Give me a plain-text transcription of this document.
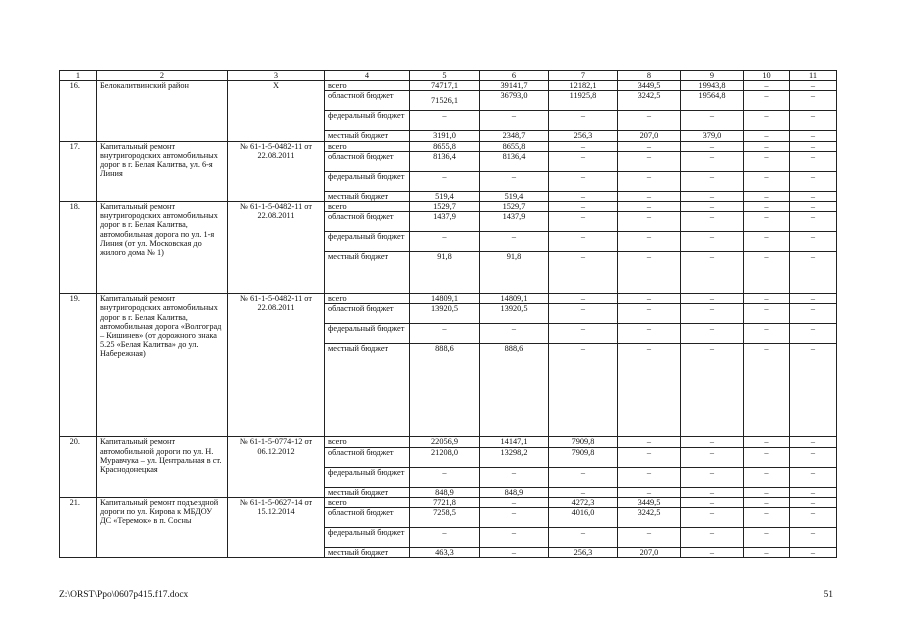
1	2	3	4	5	6	7	8	9	10	11
16.	Белокалитвинский район	Х	всего	74717,1	39141,7	12182,1	3449,5	19943,8	–	–
			областной бюджет	71526,1	36793,0	11925,8	3242,5	19564,8	–	–
			федеральный бюджет	–	–	–	–	–	–	–
			местный бюджет	3191,0	2348,7	256,3	207,0	379,0	–	–
17.	Капитальный ремонт внутригородских автомобильных дорог в г. Белая Калитва, ул. 6-я Линия	№ 61-1-5-0482-11 от 22.08.2011	всего	8655,8	8655,8	–	–	–	–	–
			областной бюджет	8136,4	8136,4	–	–	–	–	–
			федеральный бюджет	–	–	–	–	–	–	–
			местный бюджет	519,4	519,4	–	–	–	–	–
18.	Капитальный ремонт внутригородских автомобильных дорог в г. Белая Калитва, автомобильная дорога по ул. 1-я Линия (от ул. Московская до жилого дома № 1)	№ 61-1-5-0482-11 от 22.08.2011	всего	1529,7	1529,7	–	–	–	–	–
			областной бюджет	1437,9	1437,9	–	–	–	–	–
			федеральный бюджет	–	–	–	–	–	–	–
			местный бюджет	91,8	91,8	–	–	–	–	–
19.	Капитальный ремонт внутригородских автомобильных дорог в г. Белая Калитва, автомобильная дорога «Волгоград – Кишинев» (от дорожного знака 5.25 «Белая Калитва» до ул. Набережная)	№ 61-1-5-0482-11 от 22.08.2011	всего	14809,1	14809,1	–	–	–	–	–
			областной бюджет	13920,5	13920,5	–	–	–	–	–
			федеральный бюджет	–	–	–	–	–	–	–
			местный бюджет	888,6	888,6	–	–	–	–	–
20.	Капитальный ремонт автомобильной дороги по ул. Н. Муравчука – ул. Центральная в ст. Краснодонецкая	№ 61-1-5-0774-12 от 06.12.2012	всего	22056,9	14147,1	7909,8	–	–	–	–
			областной бюджет	21208,0	13298,2	7909,8	–	–	–	–
			федеральный бюджет	–	–	–	–	–	–	–
			местный бюджет	848,9	848,9	–	–	–	–	–
21.	Капитальный ремонт подъездной дороги по ул. Кирова к МБДОУ ДС «Теремок» в п. Сосны	№ 61-1-5-0627-14 от 15.12.2014	всего	7721,8	–	4272,3	3449,5	–	–	–
			областной бюджет	7258,5	–	4016,0	3242,5	–	–	–
			федеральный бюджет	–	–	–	–	–	–	–
			местный бюджет	463,3	–	256,3	207,0	–	–	–
Z:\ORST\Ppo\0607p415.f17.docx	51
